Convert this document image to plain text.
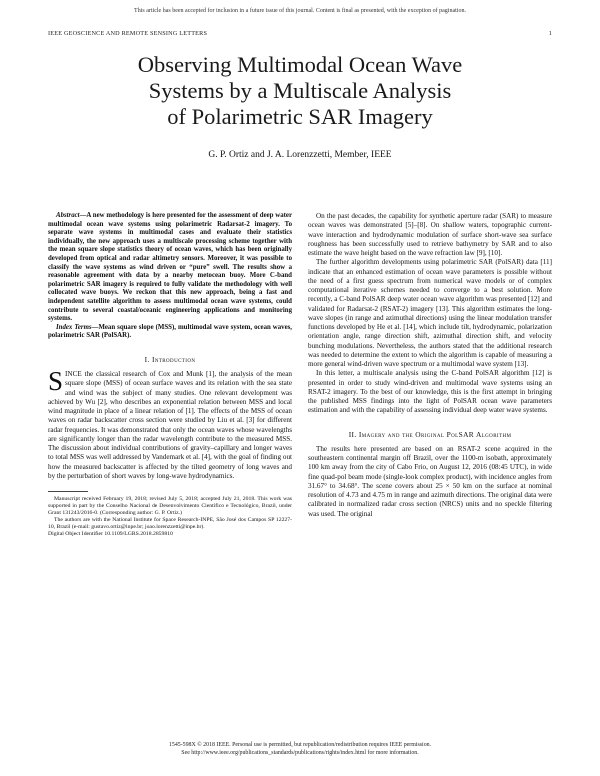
This article has been accepted for inclusion in a future issue of this journal. Content is final as presented, with the exception of pagination.
IEEE GEOSCIENCE AND REMOTE SENSING LETTERS	1
Observing Multimodal Ocean Wave
Systems by a Multiscale Analysis
of Polarimetric SAR Imagery
G. P. Ortiz and J. A. Lorenzzetti, Member, IEEE

Abstract—A new methodology is here presented for the assessment of deep water multimodal ocean wave systems using polarimetric Radarsat-2 imagery. To separate wave systems in multimodal cases and evaluate their statistics individually, the new approach uses a multiscale processing scheme together with the mean square slope statistics theory of ocean waves, which has been originally developed from optical and radar altimetry sensors. Moreover, it was possible to classify the wave systems as wind driven or “pure” swell. The results show a reasonable agreement with data by a nearby metocean buoy. More C-band polarimetric SAR imagery is required to fully validate the methodology with well collocated wave buoys. We reckon that this new approach, being a fast and independent satellite algorithm to assess multimodal ocean wave systems, could contribute to several coastal/oceanic engineering applications and monitoring systems.

Index Terms—Mean square slope (MSS), multimodal wave system, ocean waves, polarimetric SAR (PolSAR).

I. Introduction

SINCE the classical research of Cox and Munk [1], the analysis of the mean square slope (MSS) of ocean surface waves and its relation with the sea state and wind was the subject of many studies. One relevant development was achieved by Wu [2], who describes an exponential relation between MSS and local wind magnitude in place of a linear relation of [1]. The effects of the MSS of ocean waves on radar backscatter cross section were studied by Liu et al. [3] for different radar frequencies. It was demonstrated that only the ocean waves whose wavelengths are significantly longer than the radar wavelength contribute to the measured MSS. The discussion about individual contributions of gravity–capillary and longer waves to total MSS was well addressed by Vandemark et al. [4], with the goal of finding out how the measured backscatter is affected by the tilted geometry of long waves and by the perturbation of short waves by long-wave hydrodynamics.

Manuscript received February 19, 2018; revised July 5, 2018; accepted July 21, 2018. This work was supported in part by the Conselho Nacional de Desenvolvimento Científico e Tecnológico, Brazil, under Grant 131243/2016-0. (Corresponding author: G. P. Ortiz.)

The authors are with the National Institute for Space Research-INPE, São José dos Campos SP 12227-10, Brazil (e-mail: gustavo.ortiz@inpe.br; joao.lorenzzetti@inpe.br).

Digital Object Identifier 10.1109/LGRS.2018.2859810

On the past decades, the capability for synthetic aperture radar (SAR) to measure ocean waves was demonstrated [5]–[8]. On shallow waters, topographic current-wave interaction and hydrodynamic modulation of surface short-wave sea surface roughness has been successfully used to retrieve bathymetry by SAR and to also estimate the wave height based on the wave refraction law [9], [10].

The further algorithm developments using polarimetric SAR (PolSAR) data [11] indicate that an enhanced estimation of ocean wave parameters is possible without the need of a first guess spectrum from numerical wave models or of complex computational iterative schemes needed to converge to a best solution. More recently, a C-band PolSAR deep water ocean wave algorithm was presented [12] and validated for Radarsat-2 (RSAT-2) imagery [13]. This algorithm estimates the long-wave slopes (in range and azimuthal directions) using the linear modulation transfer functions developed by He et al. [14], which include tilt, hydrodynamic, polarization orientation angle, range direction shift, azimuthal direction shift, and velocity bunching modulations. Nevertheless, the authors stated that the additional research was needed to determine the extent to which the algorithm is capable of measuring a more general wind-driven wave spectrum or a multimodal wave system [13].

In this letter, a multiscale analysis using the C-band PolSAR algorithm [12] is presented in order to study wind-driven and multimodal wave systems using an RSAT-2 imagery. To the best of our knowledge, this is the first attempt in bringing the published MSS findings into the light of PolSAR ocean wave parameters estimation and with the capability of assessing individual deep water wave systems.

II. Imagery and the Original PolSAR Algorithm

The results here presented are based on an RSAT-2 scene acquired in the southeastern continental margin off Brazil, over the 1100-m isobath, approximately 100 km away from the city of Cabo Frio, on August 12, 2016 (08:45 UTC), in wide fine quad-pol beam mode (single-look complex product), with incidence angles from 31.67° to 34.68°. The scene covers about 25 × 50 km on the surface at nominal resolution of 4.73 and 4.75 m in range and azimuth directions. The original data were calibrated in normalized radar cross section (NRCS) units and no speckle filtering was used. The original

1545-598X © 2018 IEEE. Personal use is permitted, but republication/redistribution requires IEEE permission.
See http://www.ieee.org/publications_standards/publications/rights/index.html for more information.
